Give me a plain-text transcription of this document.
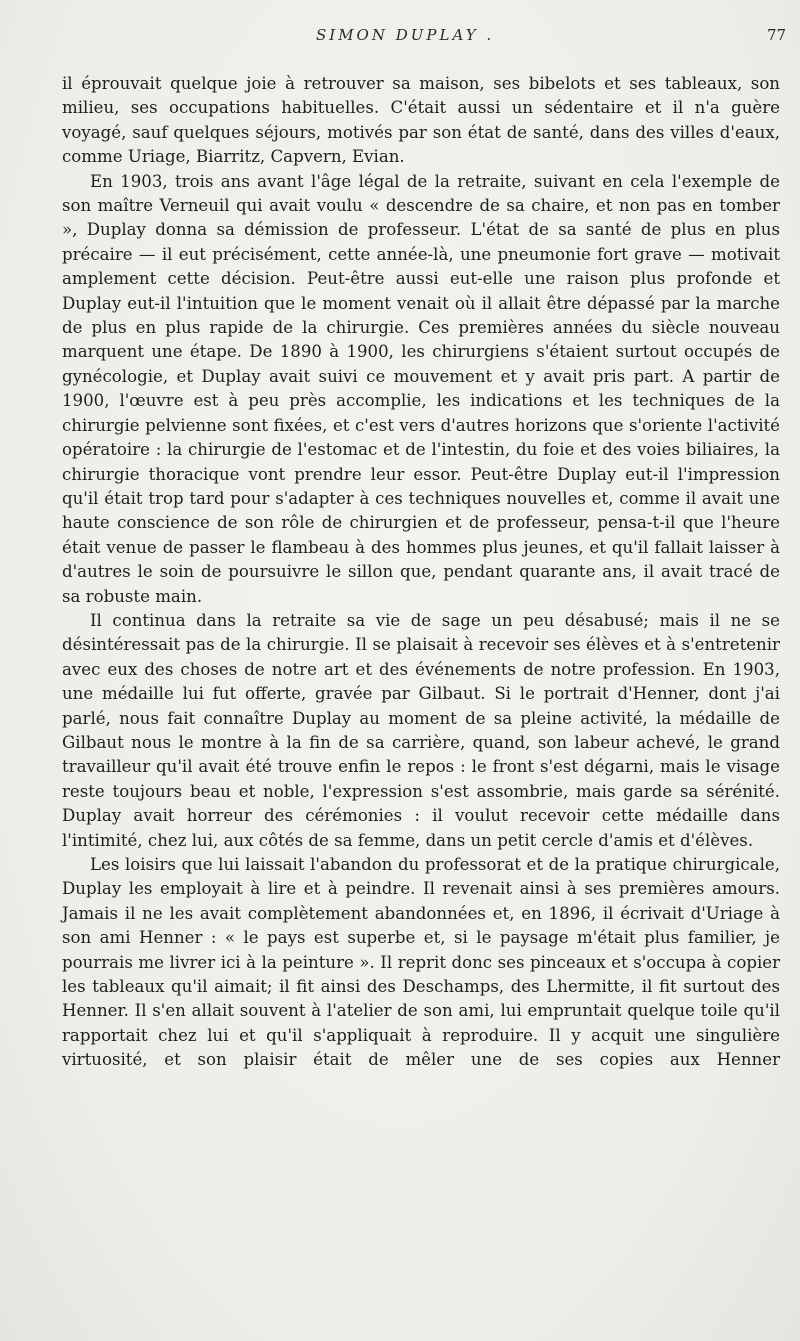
SIMON DUPLAY .	77

il éprouvait quelque joie à retrouver sa maison, ses bibelots et ses tableaux, son milieu, ses occupations habituelles. C'était aussi un sédentaire et il n'a guère voyagé, sauf quelques séjours, motivés par son état de santé, dans des villes d'eaux, comme Uriage, Biarritz, Capvern, Evian.

En 1903, trois ans avant l'âge légal de la retraite, suivant en cela l'exemple de son maître Verneuil qui avait voulu « descendre de sa chaire, et non pas en tomber », Duplay donna sa démission de professeur. L'état de sa santé de plus en plus précaire — il eut précisément, cette année-là, une pneumonie fort grave — motivait amplement cette décision. Peut-être aussi eut-elle une raison plus profonde et Duplay eut-il l'intuition que le moment venait où il allait être dépassé par la marche de plus en plus rapide de la chirurgie. Ces premières années du siècle nouveau marquent une étape. De 1890 à 1900, les chirurgiens s'étaient surtout occupés de gynécologie, et Duplay avait suivi ce mouvement et y avait pris part. A partir de 1900, l'œuvre est à peu près accomplie, les indications et les techniques de la chirurgie pelvienne sont fixées, et c'est vers d'autres horizons que s'oriente l'activité opératoire : la chirurgie de l'estomac et de l'intestin, du foie et des voies biliaires, la chirurgie thoracique vont prendre leur essor. Peut-être Duplay eut-il l'impression qu'il était trop tard pour s'adapter à ces techniques nouvelles et, comme il avait une haute conscience de son rôle de chirurgien et de professeur, pensa-t-il que l'heure était venue de passer le flambeau à des hommes plus jeunes, et qu'il fallait laisser à d'autres le soin de poursuivre le sillon que, pendant quarante ans, il avait tracé de sa robuste main.

Il continua dans la retraite sa vie de sage un peu désabusé; mais il ne se désintéressait pas de la chirurgie. Il se plaisait à recevoir ses élèves et à s'entretenir avec eux des choses de notre art et des événements de notre profession. En 1903, une médaille lui fut offerte, gravée par Gilbaut. Si le portrait d'Henner, dont j'ai parlé, nous fait connaître Duplay au moment de sa pleine activité, la médaille de Gilbaut nous le montre à la fin de sa carrière, quand, son labeur achevé, le grand travailleur qu'il avait été trouve enfin le repos : le front s'est dégarni, mais le visage reste toujours beau et noble, l'expression s'est assombrie, mais garde sa sérénité. Duplay avait horreur des cérémonies : il voulut recevoir cette médaille dans l'intimité, chez lui, aux côtés de sa femme, dans un petit cercle d'amis et d'élèves.

Les loisirs que lui laissait l'abandon du professorat et de la pratique chirurgicale, Duplay les employait à lire et à peindre. Il revenait ainsi à ses premières amours. Jamais il ne les avait complètement abandonnées et, en 1896, il écrivait d'Uriage à son ami Henner : « le pays est superbe et, si le paysage m'était plus familier, je pourrais me livrer ici à la peinture ». Il reprit donc ses pinceaux et s'occupa à copier les tableaux qu'il aimait; il fit ainsi des Deschamps, des Lhermitte, il fit surtout des Henner. Il s'en allait souvent à l'atelier de son ami, lui empruntait quelque toile qu'il rapportait chez lui et qu'il s'appliquait à reproduire. Il y acquit une singulière virtuosité, et son plaisir était de mêler une de ses copies aux Henner
